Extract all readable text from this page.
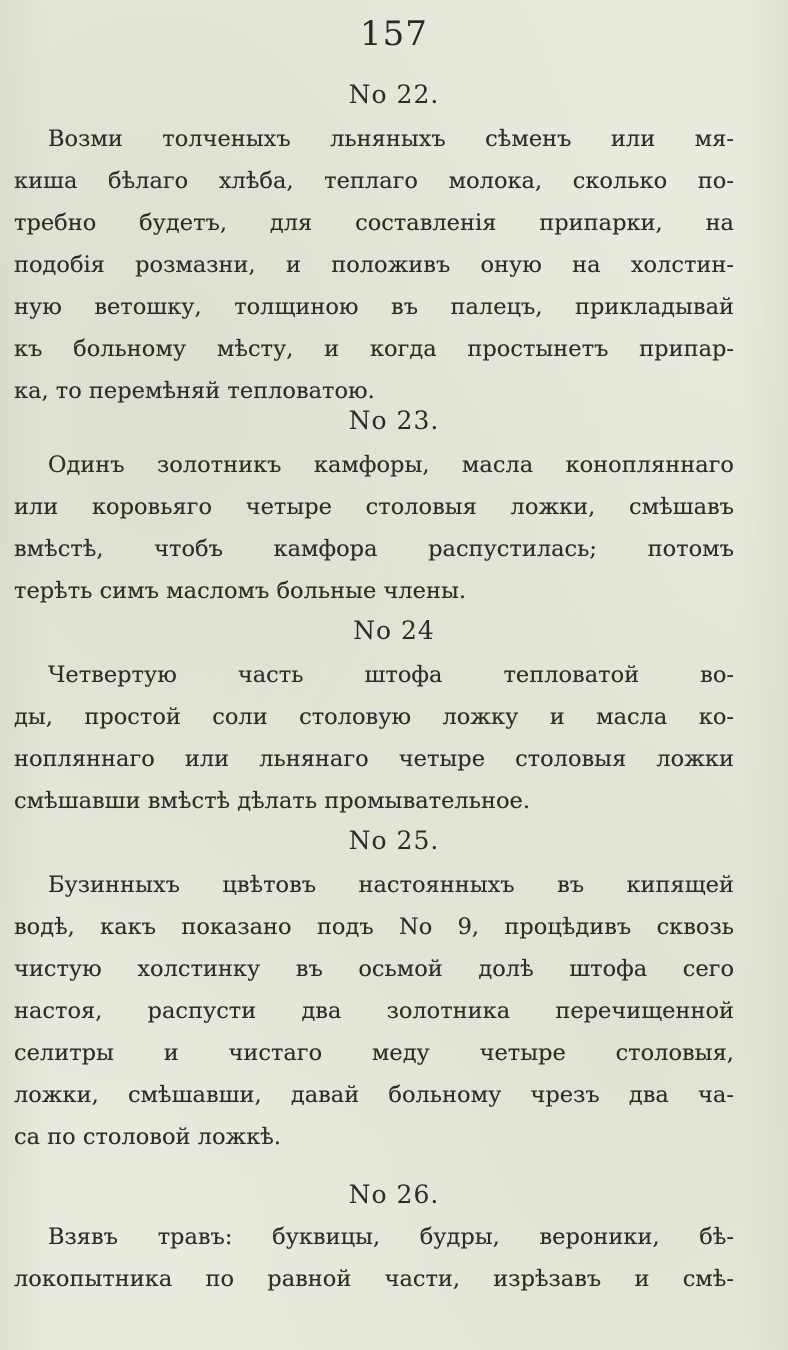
157
No 22.
Возми толченыхъ льняныхъ сѣменъ или мя-
киша бѣлаго хлѣба, теплаго молока, сколько по-
требно будетъ, для составленія припарки, на
подобія розмазни, и положивъ оную на холстин-
ную ветошку, толщиною въ палецъ, прикладывай
къ больному мѣсту, и когда простынетъ припар-
ка, то перемѣняй тепловатою.
No 23.
Одинъ золотникъ камфоры, масла конопляннаго
или коровьяго четыре столовыя ложки, смѣшавъ
вмѣстѣ, чтобъ камфора распустилась; потомъ
терѣть симъ масломъ больные члены.
No 24
Четвертую	часть	штофа	тепловатой	во-
ды, простой соли столовую ложку и масла ко-
нопляннаго или льнянаго четыре столовыя ложки
смѣшавши вмѣстѣ дѣлать промывательное.
No 25.
Бузинныхъ цвѣтовъ настоянныхъ въ кипящей
водѣ, какъ показано подъ No 9, процѣдивъ сквозь
чистую холстинку въ осьмой долѣ штофа сего
настоя, распусти два золотника перечищенной
селитры и чистаго меду четыре столовыя,
ложки, смѣшавши, давай больному чрезъ два ча-
са по столовой ложкѣ.
No 26.
Взявъ травъ: буквицы, будры, вероники, бѣ-
локопытника по равной части, изрѣзавъ и смѣ-
